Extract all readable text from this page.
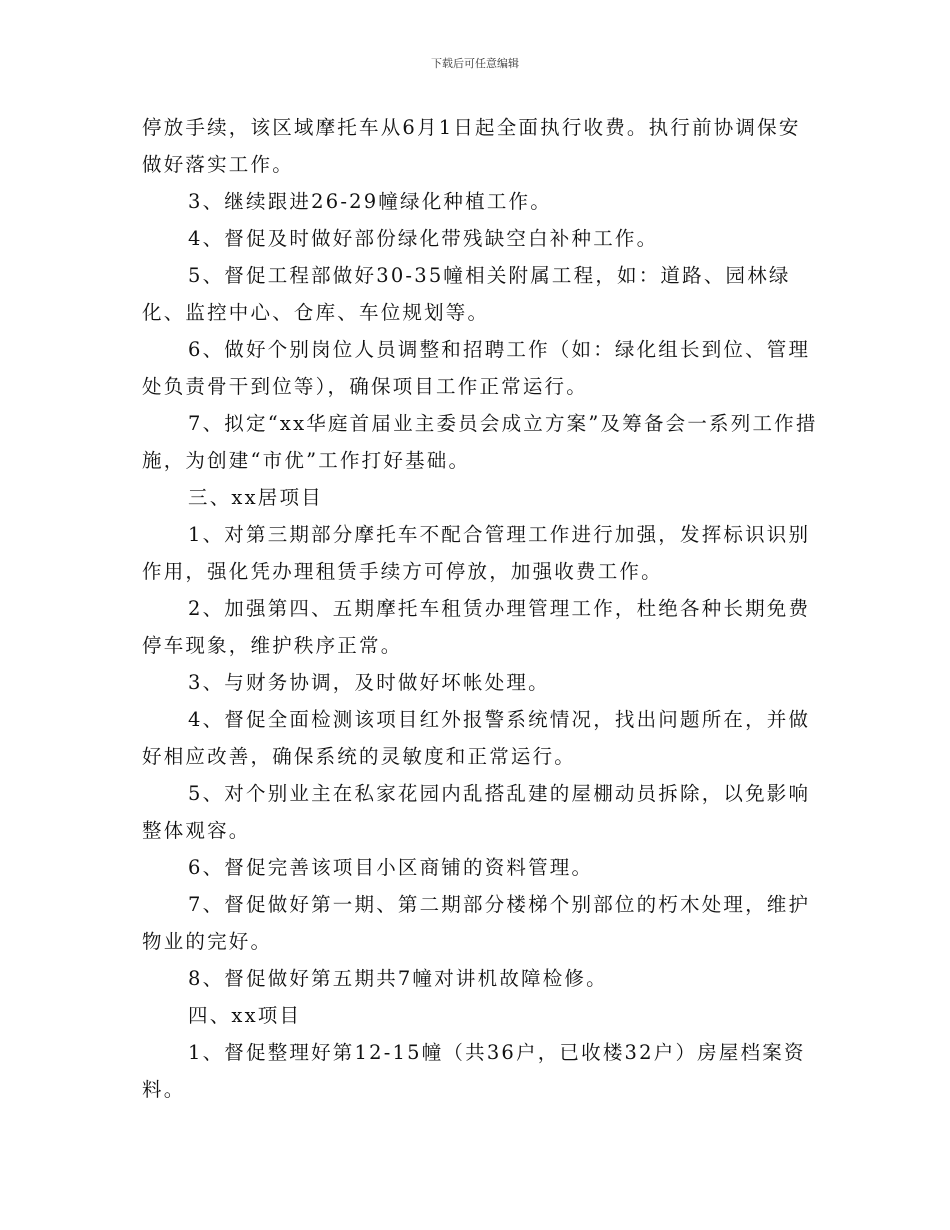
下载后可任意编辑

停放手续，该区域摩托车从6月1日起全面执行收费。执行前协调保安做好落实工作。

3、继续跟进26-29幢绿化种植工作。

4、督促及时做好部份绿化带残缺空白补种工作。

5、督促工程部做好30-35幢相关附属工程，如：道路、园林绿化、监控中心、仓库、车位规划等。

6、做好个别岗位人员调整和招聘工作（如：绿化组长到位、管理处负责骨干到位等），确保项目工作正常运行。

7、拟定“xx华庭首届业主委员会成立方案”及筹备会一系列工作措施，为创建“市优”工作打好基础。

三、xx居项目

1、对第三期部分摩托车不配合管理工作进行加强，发挥标识识别作用，强化凭办理租赁手续方可停放，加强收费工作。

2、加强第四、五期摩托车租赁办理管理工作，杜绝各种长期免费停车现象，维护秩序正常。

3、与财务协调，及时做好坏帐处理。

4、督促全面检测该项目红外报警系统情况，找出问题所在，并做好相应改善，确保系统的灵敏度和正常运行。

5、对个别业主在私家花园内乱搭乱建的屋棚动员拆除，以免影响整体观容。

6、督促完善该项目小区商铺的资料管理。

7、督促做好第一期、第二期部分楼梯个别部位的朽木处理，维护物业的完好。

8、督促做好第五期共7幢对讲机故障检修。

四、xx项目

1、督促整理好第12-15幢（共36户，已收楼32户）房屋档案资料。
